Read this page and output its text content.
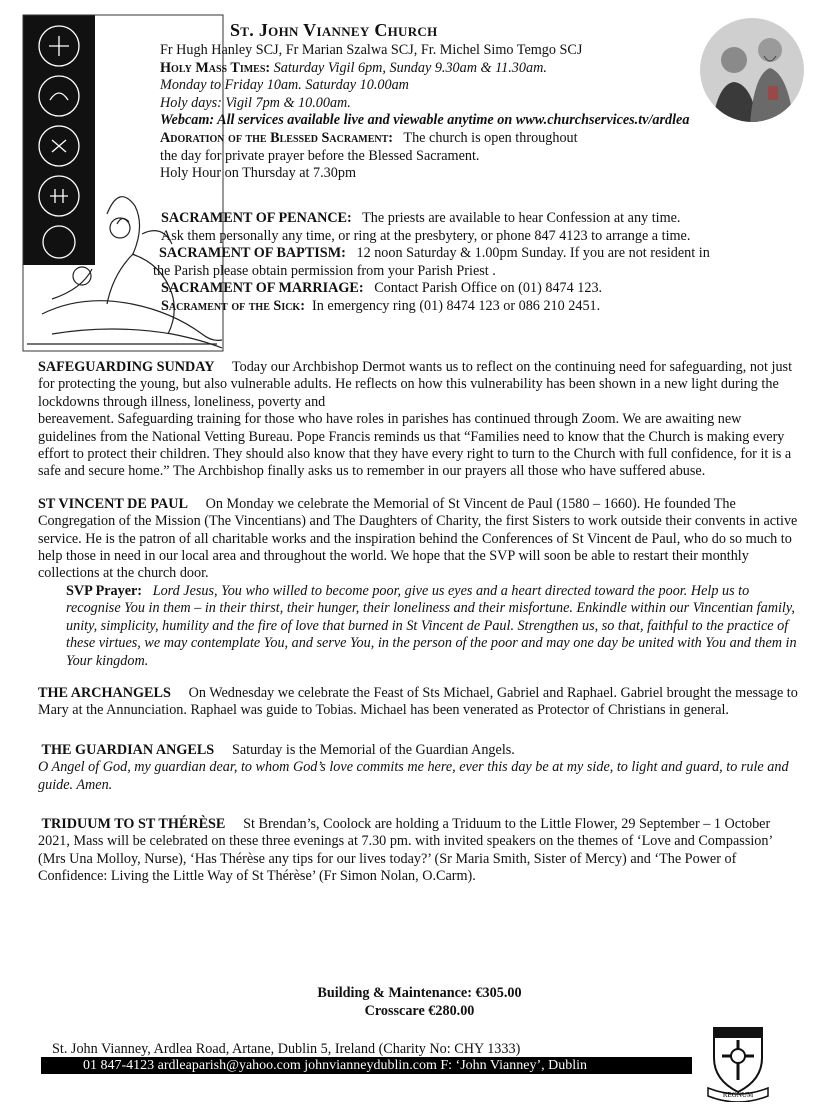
St. John Vianney Church

Fr Hugh Hanley SCJ, Fr Marian Szalwa SCJ, Fr. Michel Simo Temgo SCJ

Holy Mass Times: Saturday Vigil 6pm, Sunday 9.30am & 11.30am.

Monday to Friday 10am. Saturday 10.00am

Holy days: Vigil 7pm & 10.00am.

Webcam: All services available live and viewable anytime on www.churchservices.tv/ardlea

Adoration of the Blessed Sacrament: The church is open throughout

the day for private prayer before the Blessed Sacrament.

Holy Hour on Thursday at 7.30pm

SACRAMENT OF PENANCE: The priests are available to hear Confession at any time.

Ask them personally any time, or ring at the presbytery, or phone 847 4123 to arrange a time.

SACRAMENT OF BAPTISM: 12 noon Saturday & 1.00pm Sunday. If you are not resident in

the Parish please obtain permission from your Parish Priest .

SACRAMENT OF MARRIAGE: Contact Parish Office on (01) 8474 123.

Sacrament of the Sick: In emergency ring (01) 8474 123 or 086 210 2451.

SAFEGUARDING SUNDAY Today our Archbishop Dermot wants us to reflect on the continuing need for safeguarding, not just for protecting the young, but also vulnerable adults. He reflects on how this vulnerability has been shown in a new light during the lockdowns through illness, loneliness, poverty and

bereavement. Safeguarding training for those who have roles in parishes has continued through Zoom. We are awaiting new guidelines from the National Vetting Bureau. Pope Francis reminds us that “Families need to know that the Church is making every effort to protect their children. They should also know that they have every right to turn to the Church with full confidence, for it is a safe and secure home.” The Archbishop finally asks us to remember in our prayers all those who have suffered abuse.

ST VINCENT DE PAUL On Monday we celebrate the Memorial of St Vincent de Paul (1580 – 1660). He founded The Congregation of the Mission (The Vincentians) and The Daughters of Charity, the first Sisters to work outside their convents in active service. He is the patron of all charitable works and the inspiration behind the Conferences of St Vincent de Paul, who do so much to help those in need in our local area and throughout the world. We hope that the SVP will soon be able to restart their monthly collections at the church door.

SVP Prayer: Lord Jesus, You who willed to become poor, give us eyes and a heart directed toward the poor. Help us to recognise You in them – in their thirst, their hunger, their loneliness and their misfortune. Enkindle within our Vincentian family, unity, simplicity, humility and the fire of love that burned in St Vincent de Paul. Strengthen us, so that, faithful to the practice of these virtues, we may contemplate You, and serve You, in the person of the poor and may one day be united with You and them in Your kingdom.

THE ARCHANGELS On Wednesday we celebrate the Feast of Sts Michael, Gabriel and Raphael. Gabriel brought the message to Mary at the Annunciation. Raphael was guide to Tobias. Michael has been venerated as Protector of Christians in general.

THE GUARDIAN ANGELS Saturday is the Memorial of the Guardian Angels.

O Angel of God, my guardian dear, to whom God’s love commits me here, ever this day be at my side, to light and guard, to rule and guide. Amen.

TRIDUUM TO ST THÉRÈSE St Brendan’s, Coolock are holding a Triduum to the Little Flower, 29 September – 1 October 2021, Mass will be celebrated on these three evenings at 7.30 pm. with invited speakers on the themes of ‘Love and Compassion’ (Mrs Una Molloy, Nurse), ‘Has Thérèse any tips for our lives today?’ (Sr Maria Smith, Sister of Mercy) and ‘The Power of Confidence: Living the Little Way of St Thérèse’ (Fr Simon Nolan, O.Carm).

Building & Maintenance: €305.00

Crosscare €280.00

St. John Vianney, Ardlea Road, Artane, Dublin 5, Ireland (Charity No: CHY 1333)
01 847-4123 ardleaparish@yahoo.com johnvianneydublin.com F: ‘John Vianney’, Dublin
REGNUM
